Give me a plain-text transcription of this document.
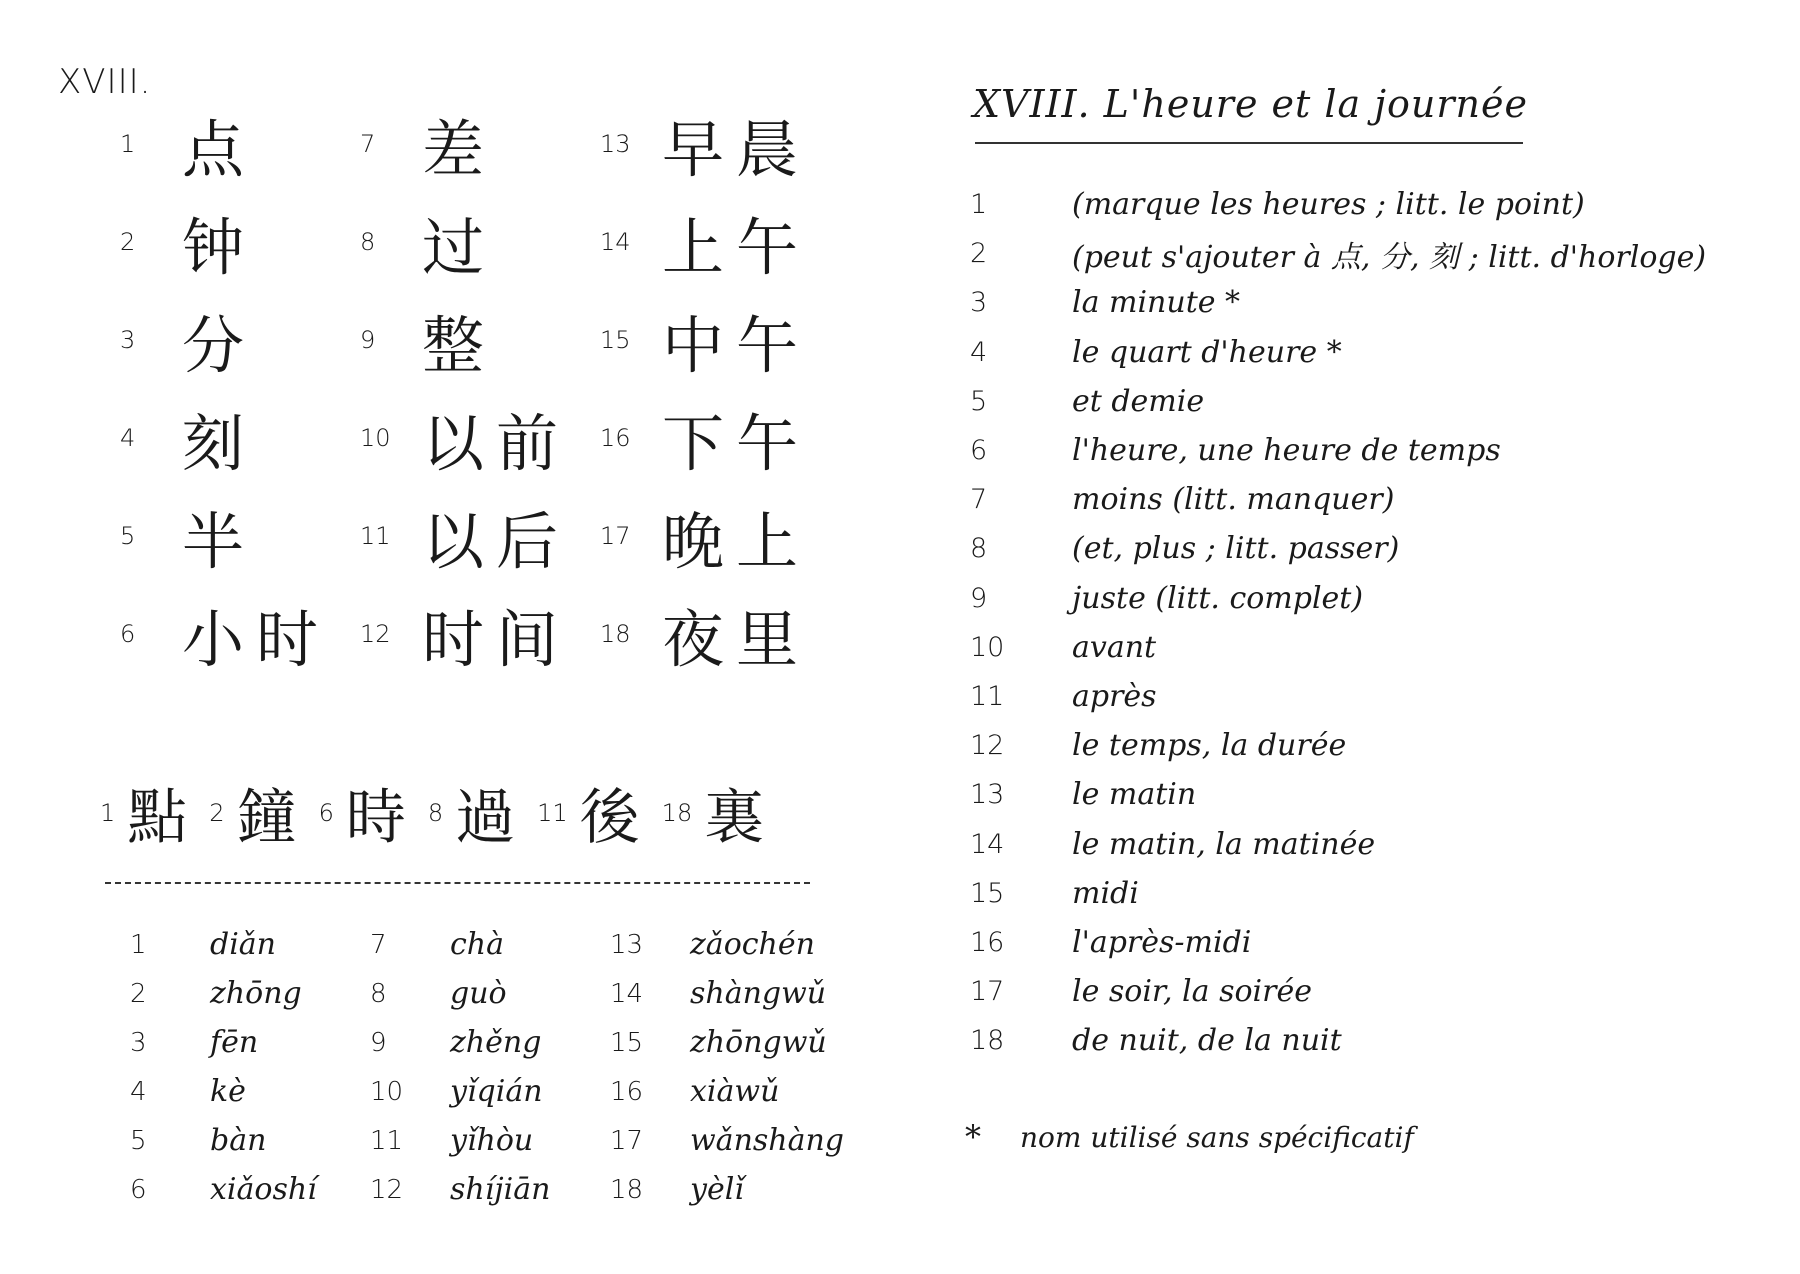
XVIII.
1 点	7 差	13 早晨
2 钟	8 过	14 上午
3 分	9 整	15 中午
4 刻	10 以前 16 下午
5 半	11 以后 17 晚上
6 小时 12 时间 18 夜里
1 點 2 鐘 6 時 8 過 11 後 18 裏
1	diǎn	7	chà	13	zǎochén
2	zhōng	8	guò	14	shàngwǔ
3	fēn	9	zhěng	15	zhōngwǔ
4	kè	10	yǐqián	16	xiàwǔ
5	bàn	11	yǐhòu	17	wǎnshàng
6	xiǎoshí 12	shíjiān 18	yèlǐ
XVIII. L'heure et la journée
1	(marque les heures ; litt. le point)
2	(peut s'ajouter à 点, 分, 刻 ; litt. d'horloge)
3	la minute *
4	le quart d'heure *
5	et demie
6	l'heure, une heure de temps
7	moins (litt. manquer)
8	(et, plus ; litt. passer)
9	juste (litt. complet)
10	avant
11	après
12	le temps, la durée
13	le matin
14	le matin, la matinée
15	midi
16	l'après-midi
17	le soir, la soirée
18	de nuit, de la nuit
*	nom utilisé sans spécificatif
